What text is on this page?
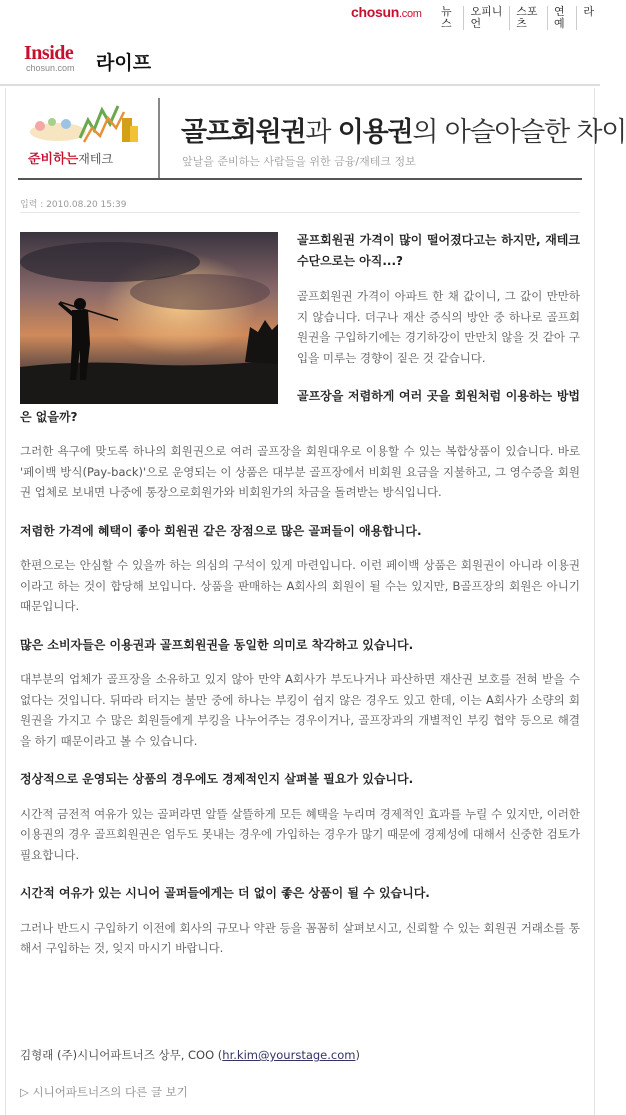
chosun.com	뉴스
오피니언
스포츠
연예
라
Inside
chosun.com 라이프
준비하는재테크
골프회원권과 이용권의 아슬아슬한 차이
앞날을 준비하는 사람들을 위한 금융/재테크 정보
입력 : 2010.08.20 15:39

골프회원권 가격이 많이 떨어졌다고는 하지만, 재테크 수단으로는 아직...?

골프회원권 가격이 아파트 한 채 값이니, 그 값이 만만하지 않습니다. 더구나 재산 증식의 방안 중 하나로 골프회원권을 구입하기에는 경기하강이 만만치 않을 것 같아 구입을 미루는 경향이 짙은 것 같습니다.

골프장을 저렴하게 여러 곳을 회원처럼 이용하는 방법은 없을까?

그러한 욕구에 맞도록 하나의 회원권으로 여러 골프장을 회원대우로 이용할 수 있는 복합상품이 있습니다. 바로 '페이백 방식(Pay-back)'으로 운영되는 이 상품은 대부분 골프장에서 비회원 요금을 지불하고, 그 영수증을 회원권 업체로 보내면 나중에 통장으로회원가와 비회원가의 차금을 돌려받는 방식입니다.

저렴한 가격에 혜택이 좋아 회원권 같은 장점으로 많은 골퍼들이 애용합니다.

한편으로는 안심할 수 있을까 하는 의심의 구석이 있게 마련입니다. 이런 페이백 상품은 회원권이 아니라 이용권이라고 하는 것이 합당해 보입니다. 상품을 판매하는 A회사의 회원이 될 수는 있지만, B골프장의 회원은 아니기 때문입니다.

많은 소비자들은 이용권과 골프회원권을 동일한 의미로 착각하고 있습니다.

대부분의 업체가 골프장을 소유하고 있지 않아 만약 A회사가 부도나거나 파산하면 재산권 보호를 전혀 받을 수 없다는 것입니다. 뒤따라 터지는 불만 중에 하나는 부킹이 쉽지 않은 경우도 있고 한데, 이는 A회사가 소량의 회원권을 가지고 수 많은 회원들에게 부킹을 나누어주는 경우이거나, 골프장과의 개별적인 부킹 협약 등으로 해결을 하기 때문이라고 볼 수 있습니다.

정상적으로 운영되는 상품의 경우에도 경제적인지 살펴볼 필요가 있습니다.

시간적 금전적 여유가 있는 골퍼라면 알뜰 살뜰하게 모든 혜택을 누리며 경제적인 효과를 누릴 수 있지만, 이러한 이용권의 경우 골프회원권은 엄두도 못내는 경우에 가입하는 경우가 많기 때문에 경제성에 대해서 신중한 검토가 필요합니다.

시간적 여유가 있는 시니어 골퍼들에게는 더 없이 좋은 상품이 될 수 있습니다.

그러나 반드시 구입하기 이전에 회사의 규모나 약관 등을 꼼꼼히 살펴보시고, 신뢰할 수 있는 회원권 거래소를 통해서 구입하는 것, 잊지 마시기 바랍니다.

김형래 (주)시니어파트너즈 상무, COO (hr.kim@yourstage.com)
▷ 시니어파트너즈의 다른 글 보기
